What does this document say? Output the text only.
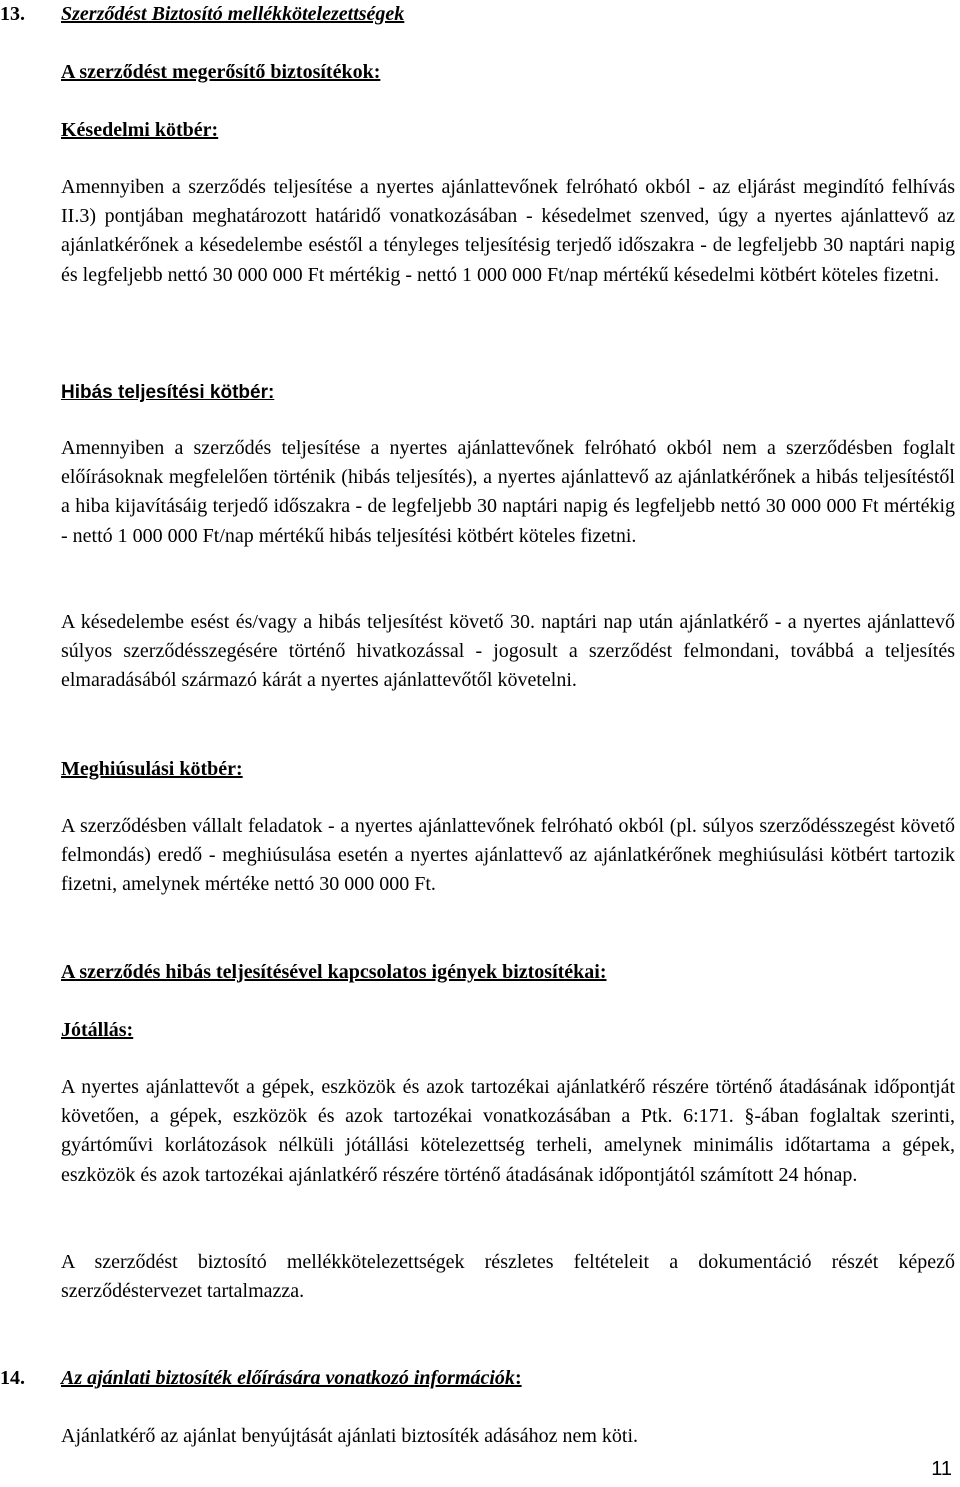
13. Szerződést Biztosító mellékkötelezettségek
A szerződést megerősítő biztosítékok:
Késedelmi kötbér:
Amennyiben a szerződés teljesítése a nyertes ajánlattevőnek felróható okból - az eljárást megindító felhívás II.3) pontjában meghatározott határidő vonatkozásában - késedelmet szenved, úgy a nyertes ajánlattevő az ajánlatkérőnek a késedelembe eséstől a tényleges teljesítésig terjedő időszakra - de legfeljebb 30 naptári napig és legfeljebb nettó 30 000 000 Ft mértékig - nettó 1 000 000 Ft/nap mértékű késedelmi kötbért köteles fizetni.
Hibás teljesítési kötbér:
Amennyiben a szerződés teljesítése a nyertes ajánlattevőnek felróható okból nem a szerződésben foglalt előírásoknak megfelelően történik (hibás teljesítés), a nyertes ajánlattevő az ajánlatkérőnek a hibás teljesítéstől a hiba kijavításáig terjedő időszakra - de legfeljebb 30 naptári napig és legfeljebb nettó 30 000 000 Ft mértékig - nettó 1 000 000 Ft/nap mértékű hibás teljesítési kötbért köteles fizetni.
A késedelembe esést és/vagy a hibás teljesítést követő 30. naptári nap után ajánlatkérő - a nyertes ajánlattevő súlyos szerződésszegésére történő hivatkozással - jogosult a szerződést felmondani, továbbá a teljesítés elmaradásából származó kárát a nyertes ajánlattevőtől követelni.
Meghiúsulási kötbér:
A szerződésben vállalt feladatok - a nyertes ajánlattevőnek felróható okból (pl. súlyos szerződésszegést követő felmondás) eredő - meghiúsulása esetén a nyertes ajánlattevő az ajánlatkérőnek meghiúsulási kötbért tartozik fizetni, amelynek mértéke nettó 30 000 000 Ft.
A szerződés hibás teljesítésével kapcsolatos igények biztosítékai:
Jótállás:
A nyertes ajánlattevőt a gépek, eszközök és azok tartozékai ajánlatkérő részére történő átadásának időpontját követően, a gépek, eszközök és azok tartozékai vonatkozásában a Ptk. 6:171. §-ában foglaltak szerinti, gyártóművi korlátozások nélküli jótállási kötelezettség terheli, amelynek minimális időtartama a gépek, eszközök és azok tartozékai ajánlatkérő részére történő átadásának időpontjától számított 24 hónap.
A szerződést biztosító mellékkötelezettségek részletes feltételeit a dokumentáció részét képező szerződéstervezet tartalmazza.
14. Az ajánlati biztosíték előírására vonatkozó információk:
Ajánlatkérő az ajánlat benyújtását ajánlati biztosíték adásához nem köti.
11
